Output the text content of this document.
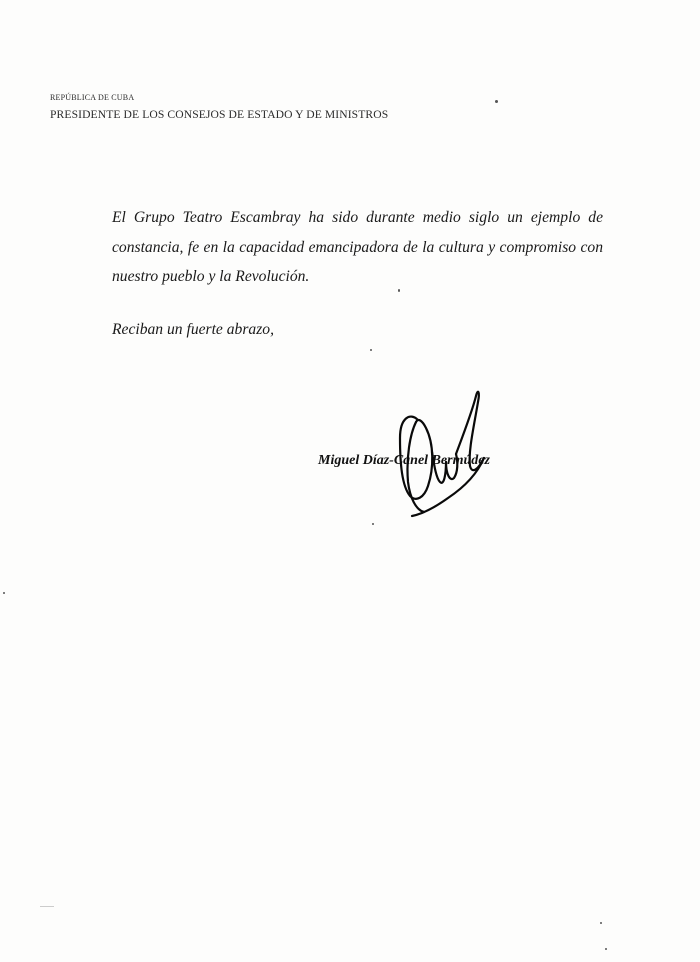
REPÚBLICA DE CUBA
PRESIDENTE DE LOS CONSEJOS DE ESTADO Y DE MINISTROS
El Grupo Teatro Escambray ha sido durante medio siglo un ejemplo de constancia, fe en la capacidad emancipadora de la cultura y compromiso con nuestro pueblo y la Revolución.
Reciban un fuerte abrazo,
Miguel Díaz-Canel Bermúdez
